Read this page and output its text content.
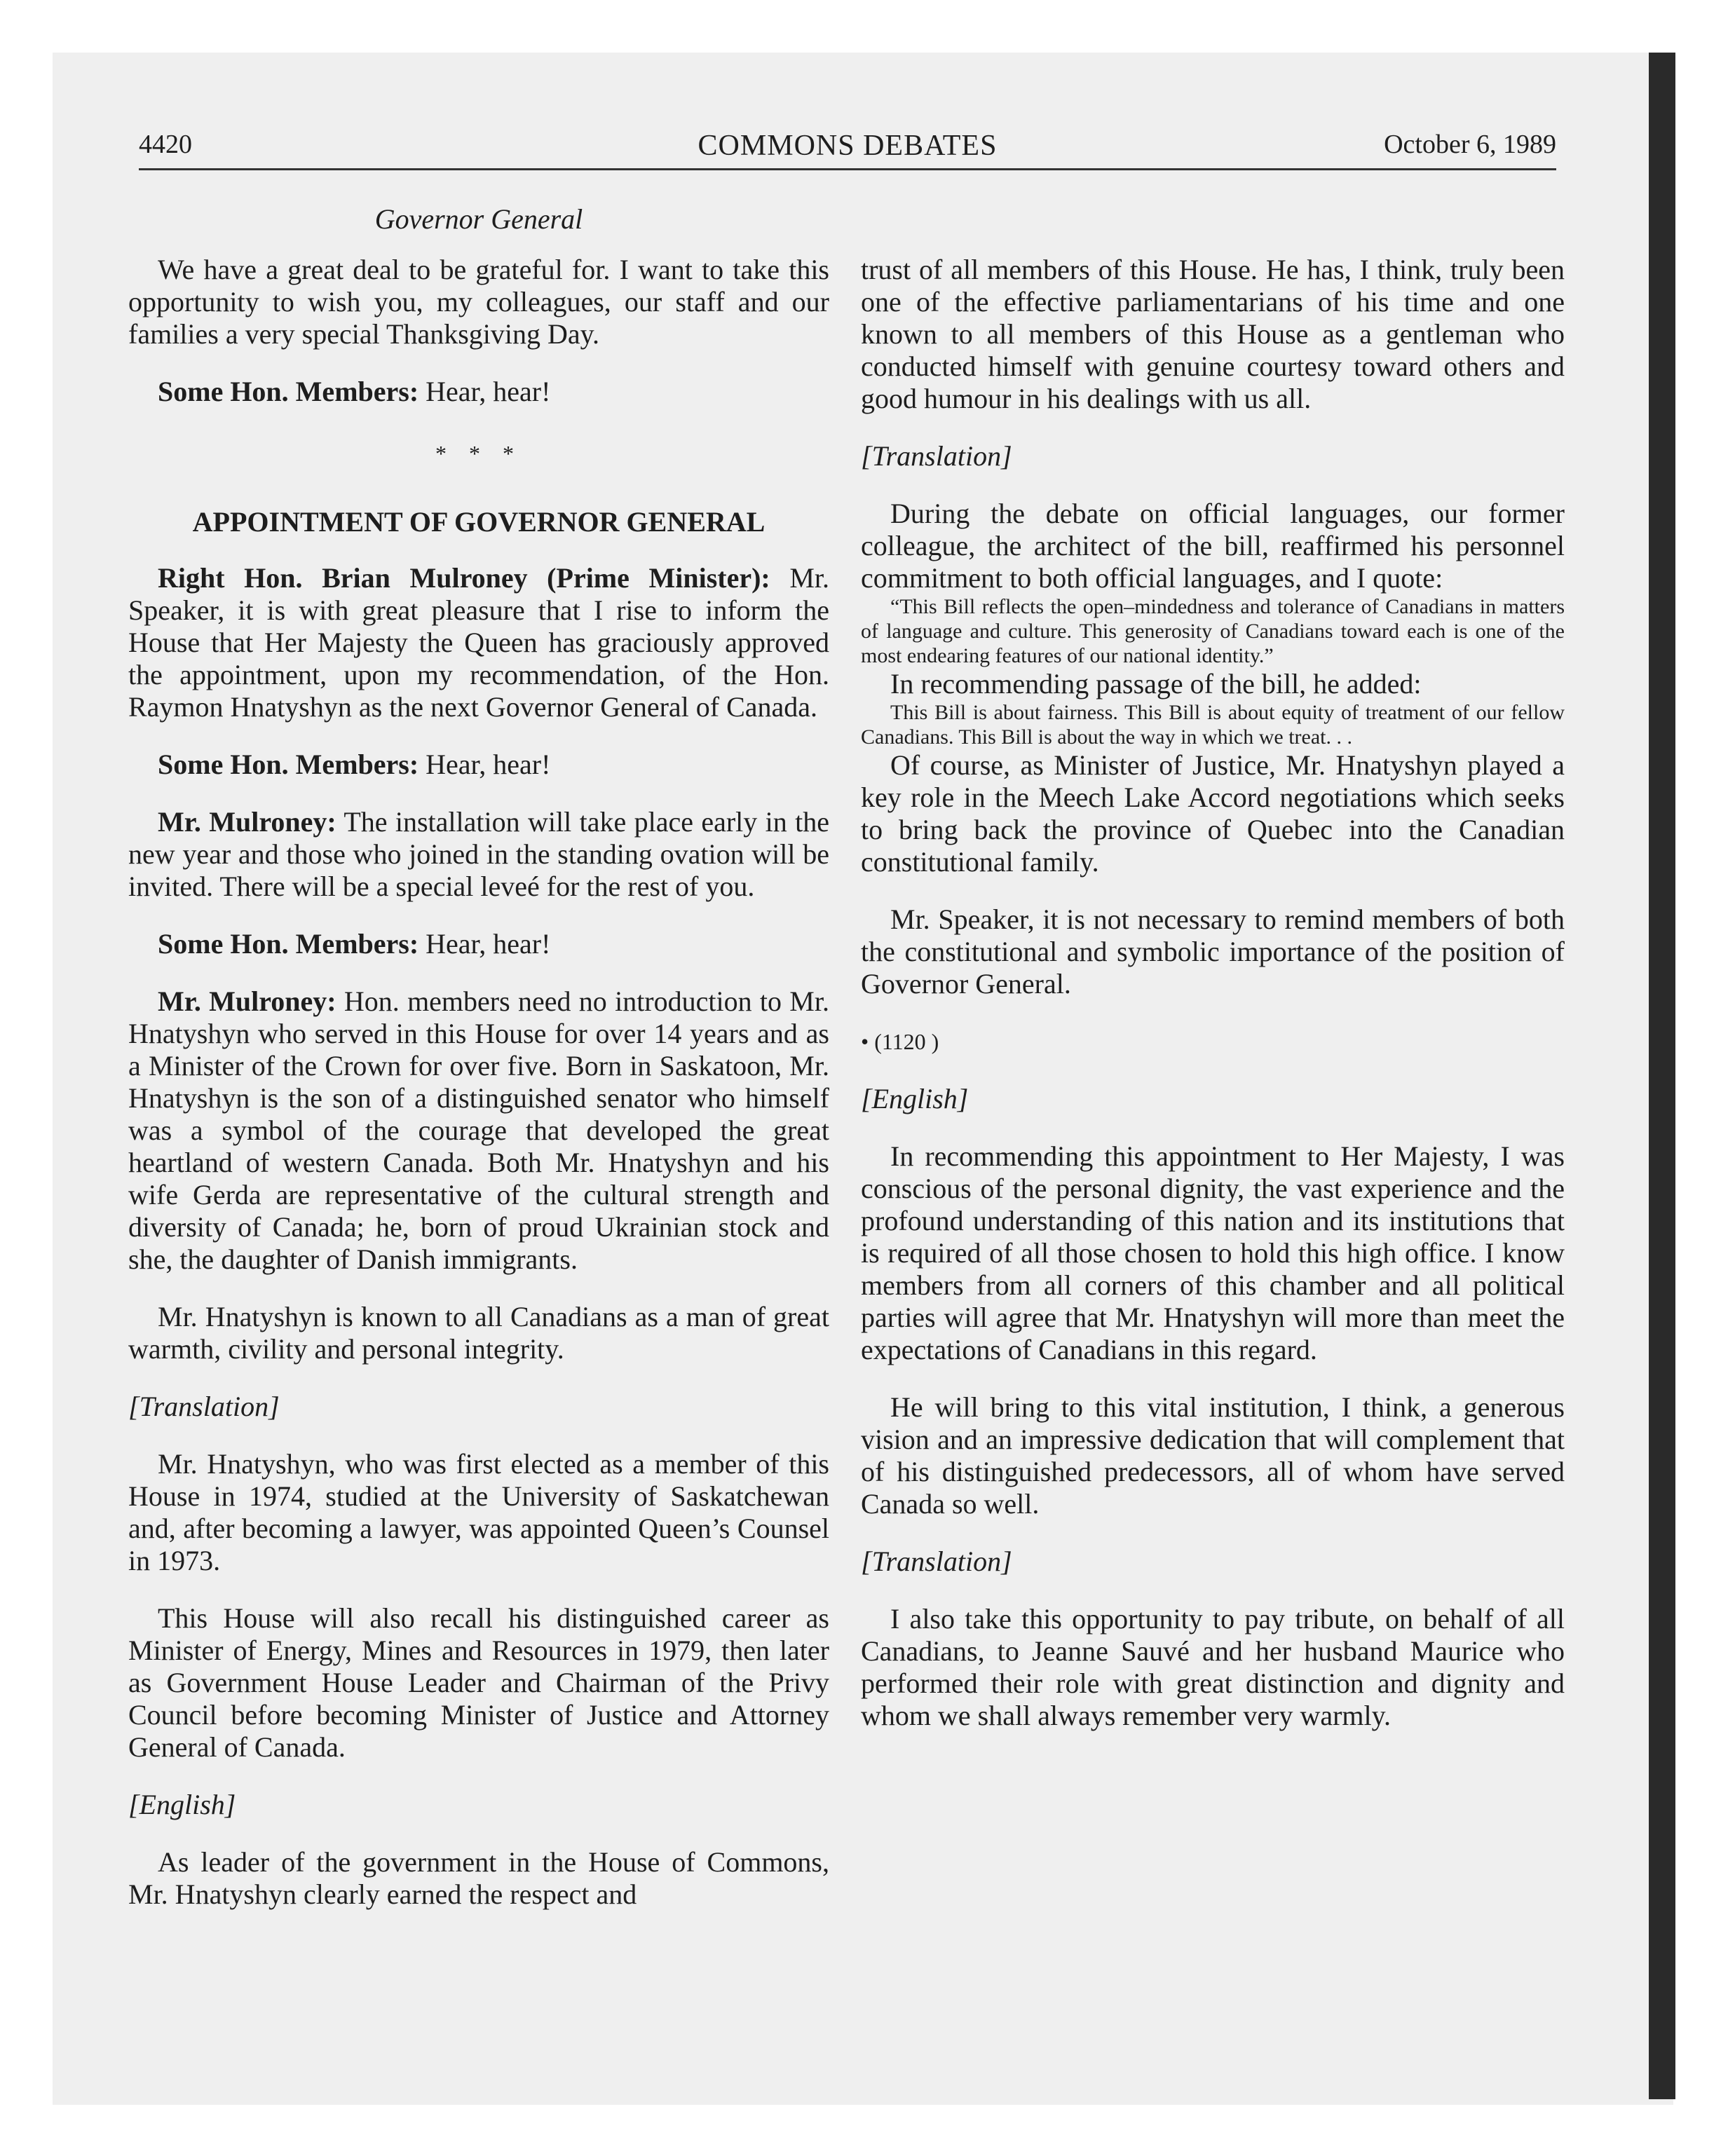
4420	COMMONS DEBATES	October 6, 1989
Governor General

We have a great deal to be grateful for. I want to take this opportunity to wish you, my colleagues, our staff and our families a very special Thanksgiving Day.

Some Hon. Members: Hear, hear!

* * *
APPOINTMENT OF GOVERNOR GENERAL

Right Hon. Brian Mulroney (Prime Minister): Mr. Speaker, it is with great pleasure that I rise to inform the House that Her Majesty the Queen has graciously approved the appointment, upon my recommendation, of the Hon. Raymon Hnatyshyn as the next Governor General of Canada.

Some Hon. Members: Hear, hear!

Mr. Mulroney: The installation will take place early in the new year and those who joined in the standing ovation will be invited. There will be a special leveé for the rest of you.

Some Hon. Members: Hear, hear!

Mr. Mulroney: Hon. members need no introduction to Mr. Hnatyshyn who served in this House for over 14 years and as a Minister of the Crown for over five. Born in Saskatoon, Mr. Hnatyshyn is the son of a distinguished senator who himself was a symbol of the courage that developed the great heartland of western Canada. Both Mr. Hnatyshyn and his wife Gerda are representative of the cultural strength and diversity of Canada; he, born of proud Ukrainian stock and she, the daughter of Danish immigrants.

Mr. Hnatyshyn is known to all Canadians as a man of great warmth, civility and personal integrity.

[Translation]

Mr. Hnatyshyn, who was first elected as a member of this House in 1974, studied at the University of Saskatchewan and, after becoming a lawyer, was appointed Queen’s Counsel in 1973.

This House will also recall his distinguished career as Minister of Energy, Mines and Resources in 1979, then later as Government House Leader and Chairman of the Privy Council before becoming Minister of Justice and Attorney General of Canada.

[English]

As leader of the government in the House of Commons, Mr. Hnatyshyn clearly earned the respect and

trust of all members of this House. He has, I think, truly been one of the effective parliamentarians of his time and one known to all members of this House as a gentleman who conducted himself with genuine courtesy toward others and good humour in his dealings with us all.

[Translation]

During the debate on official languages, our former colleague, the architect of the bill, reaffirmed his personnel commitment to both official languages, and I quote:

“This Bill reflects the open–mindedness and tolerance of Canadians in matters of language and culture. This generosity of Canadians toward each is one of the most endearing features of our national identity.”

In recommending passage of the bill, he added:

This Bill is about fairness. This Bill is about equity of treatment of our fellow Canadians. This Bill is about the way in which we treat. . .

Of course, as Minister of Justice, Mr. Hnatyshyn played a key role in the Meech Lake Accord negotiations which seeks to bring back the province of Quebec into the Canadian constitutional family.

Mr. Speaker, it is not necessary to remind members of both the constitutional and symbolic importance of the position of Governor General.

• (1120 )

[English]

In recommending this appointment to Her Majesty, I was conscious of the personal dignity, the vast experience and the profound understanding of this nation and its institutions that is required of all those chosen to hold this high office. I know members from all corners of this chamber and all political parties will agree that Mr. Hnatyshyn will more than meet the expectations of Canadians in this regard.

He will bring to this vital institution, I think, a generous vision and an impressive dedication that will complement that of his distinguished predecessors, all of whom have served Canada so well.

[Translation]

I also take this opportunity to pay tribute, on behalf of all Canadians, to Jeanne Sauvé and her husband Maurice who performed their role with great distinction and dignity and whom we shall always remember very warmly.
